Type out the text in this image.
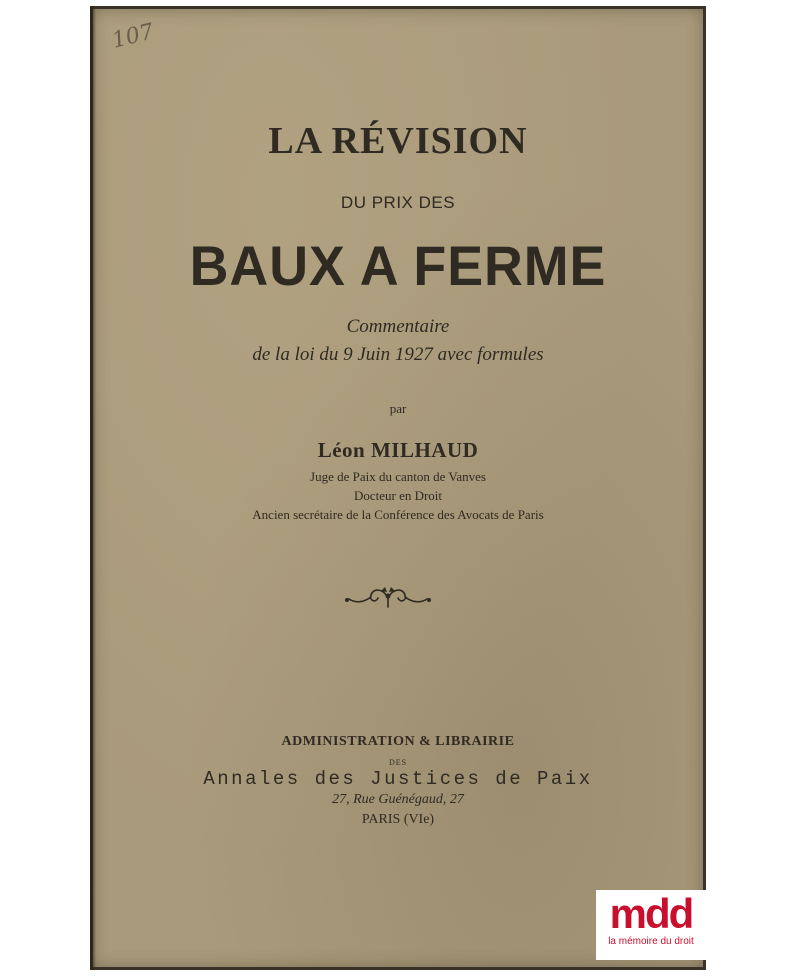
107
LA RÉVISION
DU PRIX DES
BAUX A FERME
Commentaire
de la loi du 9 Juin 1927 avec formules
par
Léon MILHAUD
Juge de Paix du canton de Vanves
Docteur en Droit
Ancien secrétaire de la Conférence des Avocats de Paris
ADMINISTRATION & LIBRAIRIE
DES
Annales des Justices de Paix
27, Rue Guénégaud, 27
PARIS (VIe)
mdd
la mémoire du droit
